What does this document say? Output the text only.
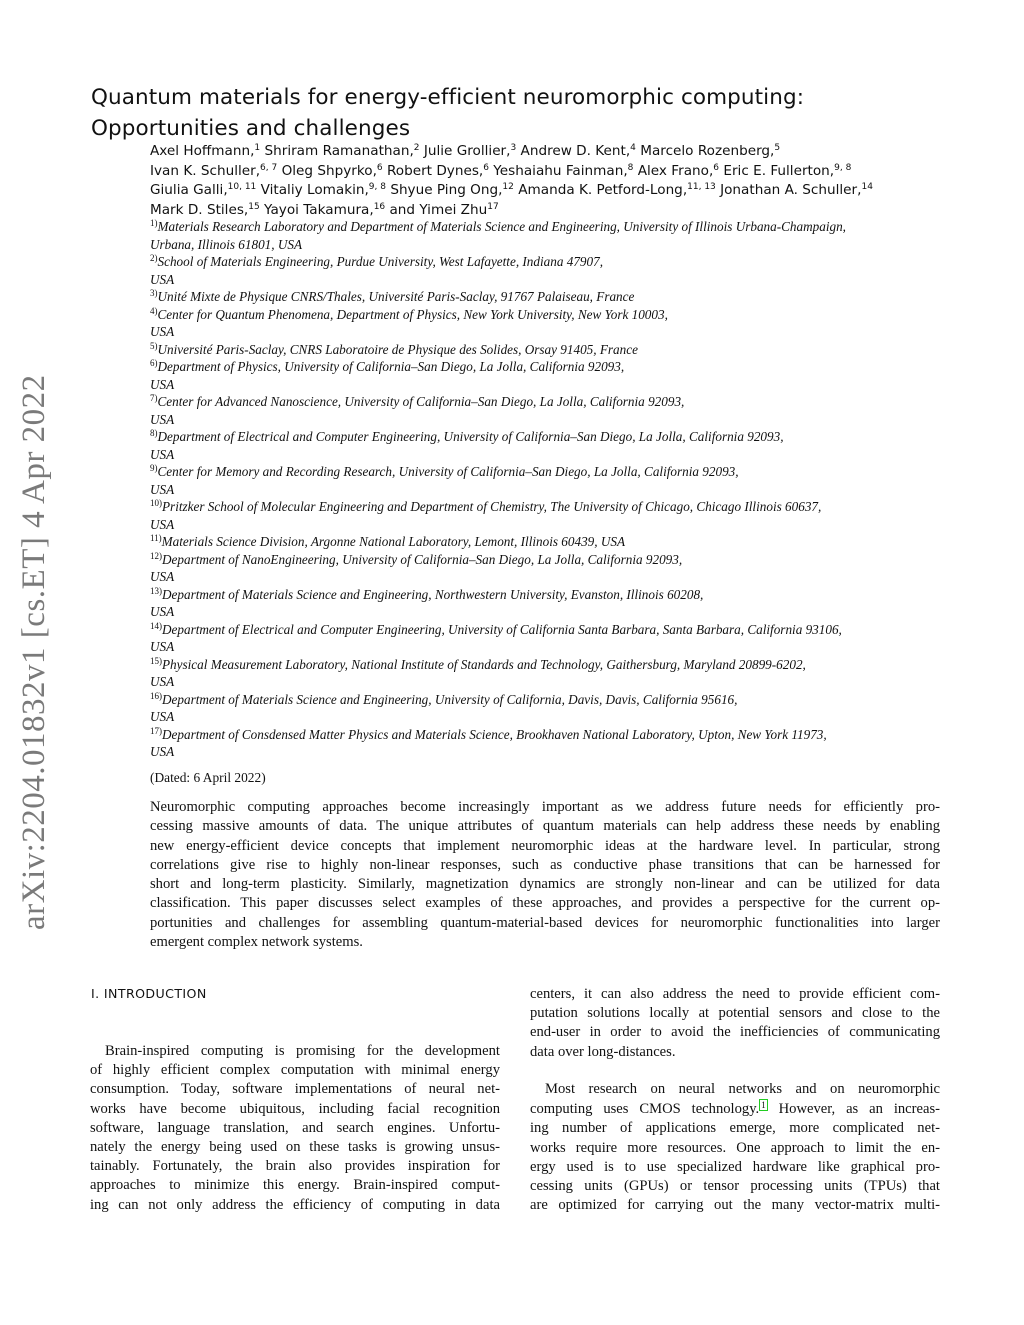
arXiv:2204.01832v1 [cs.ET] 4 Apr 2022
Quantum materials for energy-efficient neuromorphic computing:
Opportunities and challenges
Axel Hoffmann,$^1$ Shriram Ramanathan,$^2$ Julie Grollier,$^3$ Andrew D. Kent,$^4$ Marcelo Rozenberg,$^5$
Ivan K. Schuller,$^{6, 7}$ Oleg Shpyrko,$^6$ Robert Dynes,$^6$ Yeshaiahu Fainman,$^8$ Alex Frano,$^6$ Eric E. Fullerton,$^{9, 8}$
Giulia Galli,$^{10, 11}$ Vitaliy Lomakin,$^{9, 8}$ Shyue Ping Ong,$^{12}$ Amanda K. Petford-Long,$^{11, 13}$ Jonathan A. Schuller,$^{14}$
Mark D. Stiles,$^{15}$ Yayoi Takamura,$^{16}$ and Yimei Zhu$^{17}$
$^{1)}$Materials Research Laboratory and Department of Materials Science and Engineering, University of Illinois Urbana-Champaign,
Urbana, Illinois 61801, USA
$^{2)}$School of Materials Engineering, Purdue University, West Lafayette, Indiana 47907,
USA
$^{3)}$Unité Mixte de Physique CNRS/Thales, Université Paris-Saclay, 91767 Palaiseau, France
$^{4)}$Center for Quantum Phenomena, Department of Physics, New York University, New York 10003,
USA
$^{5)}$Université Paris-Saclay, CNRS Laboratoire de Physique des Solides, Orsay 91405, France
$^{6)}$Department of Physics, University of California–San Diego, La Jolla, California 92093,
USA
$^{7)}$Center for Advanced Nanoscience, University of California–San Diego, La Jolla, California 92093,
USA
$^{8)}$Department of Electrical and Computer Engineering, University of California–San Diego, La Jolla, California 92093,
USA
$^{9)}$Center for Memory and Recording Research, University of California–San Diego, La Jolla, California 92093,
USA
$^{10)}$Pritzker School of Molecular Engineering and Department of Chemistry, The University of Chicago, Chicago Illinois 60637,
USA
$^{11)}$Materials Science Division, Argonne National Laboratory, Lemont, Illinois 60439, USA
$^{12)}$Department of NanoEngineering, University of California–San Diego, La Jolla, California 92093,
USA
$^{13)}$Department of Materials Science and Engineering, Northwestern University, Evanston, Illinois 60208,
USA
$^{14)}$Department of Electrical and Computer Engineering, University of California Santa Barbara, Santa Barbara, California 93106,
USA
$^{15)}$Physical Measurement Laboratory, National Institute of Standards and Technology, Gaithersburg, Maryland 20899-6202,
USA
$^{16)}$Department of Materials Science and Engineering, University of California, Davis, Davis, California 95616,
USA
$^{17)}$Department of Consdensed Matter Physics and Materials Science, Brookhaven National Laboratory, Upton, New York 11973,
USA
(Dated: 6 April 2022)
Neuromorphic computing approaches become increasingly important as we address future needs for efficiently pro-
cessing massive amounts of data. The unique attributes of quantum materials can help address these needs by enabling
new energy-efficient device concepts that implement neuromorphic ideas at the hardware level. In particular, strong
correlations give rise to highly non-linear responses, such as conductive phase transitions that can be harnessed for
short and long-term plasticity. Similarly, magnetization dynamics are strongly non-linear and can be utilized for data
classification. This paper discusses select examples of these approaches, and provides a perspective for the current op-
portunities and challenges for assembling quantum-material-based devices for neuromorphic functionalities into larger
emergent complex network systems.
I. INTRODUCTION
Brain-inspired computing is promising for the development
of highly efficient complex computation with minimal energy
consumption. Today, software implementations of neural net-
works have become ubiquitous, including facial recognition
software, language translation, and search engines. Unfortu-
nately the energy being used on these tasks is growing unsus-
tainably. Fortunately, the brain also provides inspiration for
approaches to minimize this energy. Brain-inspired comput-
ing can not only address the efficiency of computing in data
centers, it can also address the need to provide efficient com-
putation solutions locally at potential sensors and close to the
end-user in order to avoid the inefficiencies of communicating
data over long-distances.
Most research on neural networks and on neuromorphic
computing uses CMOS technology. 1 However, as an increas-
ing number of applications emerge, more complicated net-
works require more resources. One approach to limit the en-
ergy used is to use specialized hardware like graphical pro-
cessing units (GPUs) or tensor processing units (TPUs) that
are optimized for carrying out the many vector-matrix multi-
